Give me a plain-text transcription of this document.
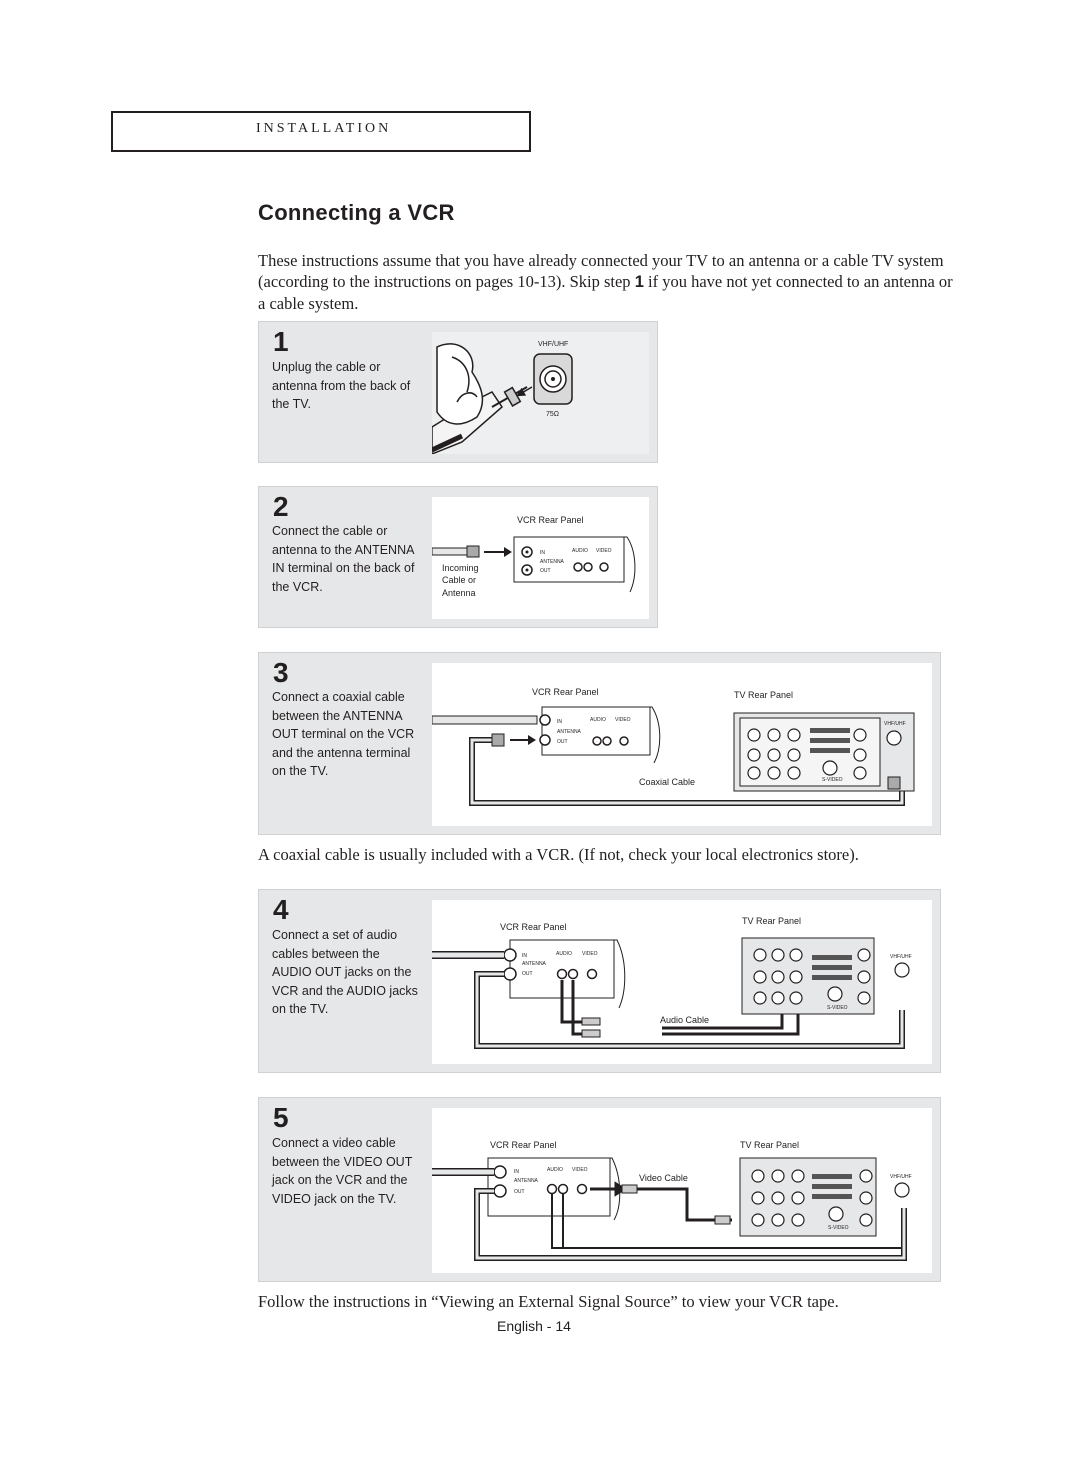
INSTALLATION
Connecting a VCR

These instructions assume that you have already connected your TV to an antenna or a cable TV system (according to the instructions on pages 10-13). Skip step 1 if you have not yet connected to an antenna or a cable system.

1

Unplug the cable or antenna from the back of the TV.

VHF/UHF
75Ω
2

Connect the cable or antenna to the ANTENNA IN terminal on the back of the VCR.

VCR Rear Panel
IN
ANTENNA
OUT
AUDIO VIDEO
Incoming
Cable or
Antenna
3

Connect a coaxial cable between the ANTENNA OUT terminal on the VCR and the antenna terminal on the TV.

VCR Rear Panel	TV Rear Panel
IN
ANTENNA
OUT
AUDIO VIDEO
Coaxial Cable	S-VIDEO
VHF/UHF

A coaxial cable is usually included with a VCR. (If not, check your local electronics store).

4

Connect a set of audio cables between the AUDIO OUT jacks on the VCR and the AUDIO jacks on the TV.

VCR Rear Panel
TV Rear Panel
IN
ANTENNA
OUT
AUDIO VIDEO
Audio Cable
S-VIDEO
VHF/UHF
5

Connect a video cable between the VIDEO OUT jack on the VCR and the VIDEO jack on the TV.

VCR Rear Panel	TV Rear Panel
IN
ANTENNA
OUT
AUDIO VIDEO
Video Cable
S-VIDEO
VHF/UHF

Follow the instructions in “Viewing an External Signal Source” to view your VCR tape.

English - 14
